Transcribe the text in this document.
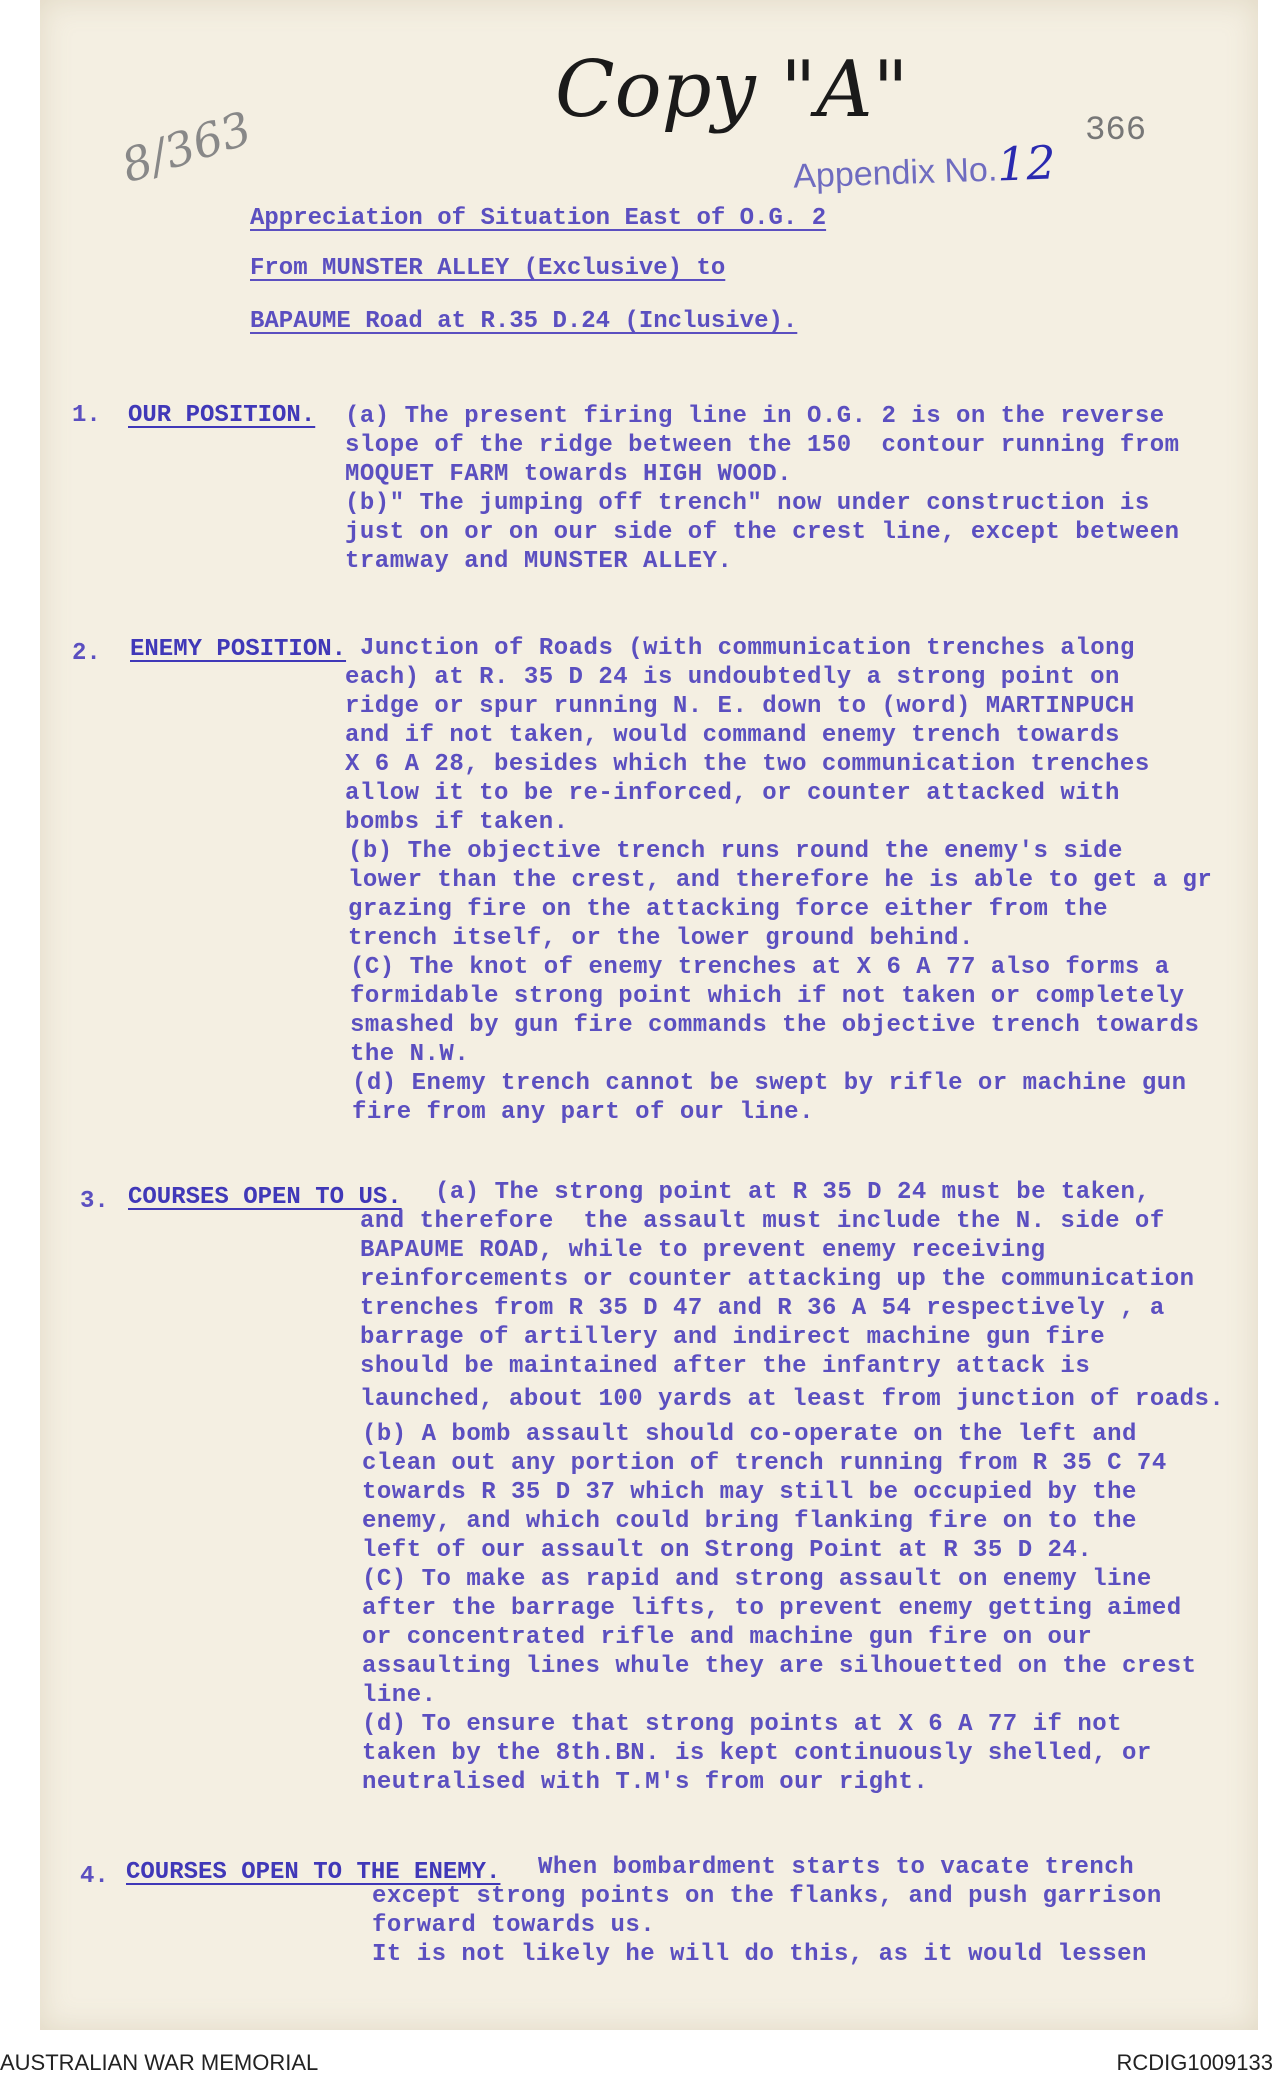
8/363
Copy "A"
Appendix No.12
366
Appreciation of Situation East of O.G. 2
From MUNSTER ALLEY (Exclusive) to
BAPAUME Road at R.35 D.24 (Inclusive).
1. OUR POSITION. (a) The present firing line in O.G. 2 is on the reverse
slope of the ridge between the 150  contour running from
MOQUET FARM towards HIGH WOOD.
(b)" The jumping off trench" now under construction is
just on or on our side of the crest line, except between
tramway and MUNSTER ALLEY.
2. ENEMY POSITION. Junction of Roads (with communication trenches along
each) at R. 35 D 24 is undoubtedly a strong point on
ridge or spur running N. E. down to (word) MARTINPUCH
and if not taken, would command enemy trench towards
X 6 A 28, besides which the two communication trenches
allow it to be re-inforced, or counter attacked with
bombs if taken.
(b) The objective trench runs round the enemy's side
lower than the crest, and therefore he is able to get a gr
grazing fire on the attacking force either from the
trench itself, or the lower ground behind.
(C) The knot of enemy trenches at X 6 A 77 also forms a
formidable strong point which if not taken or completely
smashed by gun fire commands the objective trench towards
the N.W.
(d) Enemy trench cannot be swept by rifle or machine gun
fire from any part of our line.
3. COURSES OPEN TO US. (a) The strong point at R 35 D 24 must be taken,
and therefore  the assault must include the N. side of
BAPAUME ROAD, while to prevent enemy receiving
reinforcements or counter attacking up the communication
trenches from R 35 D 47 and R 36 A 54 respectively , a
barrage of artillery and indirect machine gun fire
should be maintained after the infantry attack is
launched, about 100 yards at least from junction of roads.
(b) A bomb assault should co-operate on the left and
clean out any portion of trench running from R 35 C 74
towards R 35 D 37 which may still be occupied by the
enemy, and which could bring flanking fire on to the
left of our assault on Strong Point at R 35 D 24.
(C) To make as rapid and strong assault on enemy line
after the barrage lifts, to prevent enemy getting aimed
or concentrated rifle and machine gun fire on our
assaulting lines whule they are silhouetted on the crest
line.
(d) To ensure that strong points at X 6 A 77 if not
taken by the 8th.BN. is kept continuously shelled, or
neutralised with T.M's from our right.
4. COURSES OPEN TO THE ENEMY. When bombardment starts to vacate trench
except strong points on the flanks, and push garrison
forward towards us.
It is not likely he will do this, as it would lessen
AUSTRALIAN WAR MEMORIAL	RCDIG1009133
